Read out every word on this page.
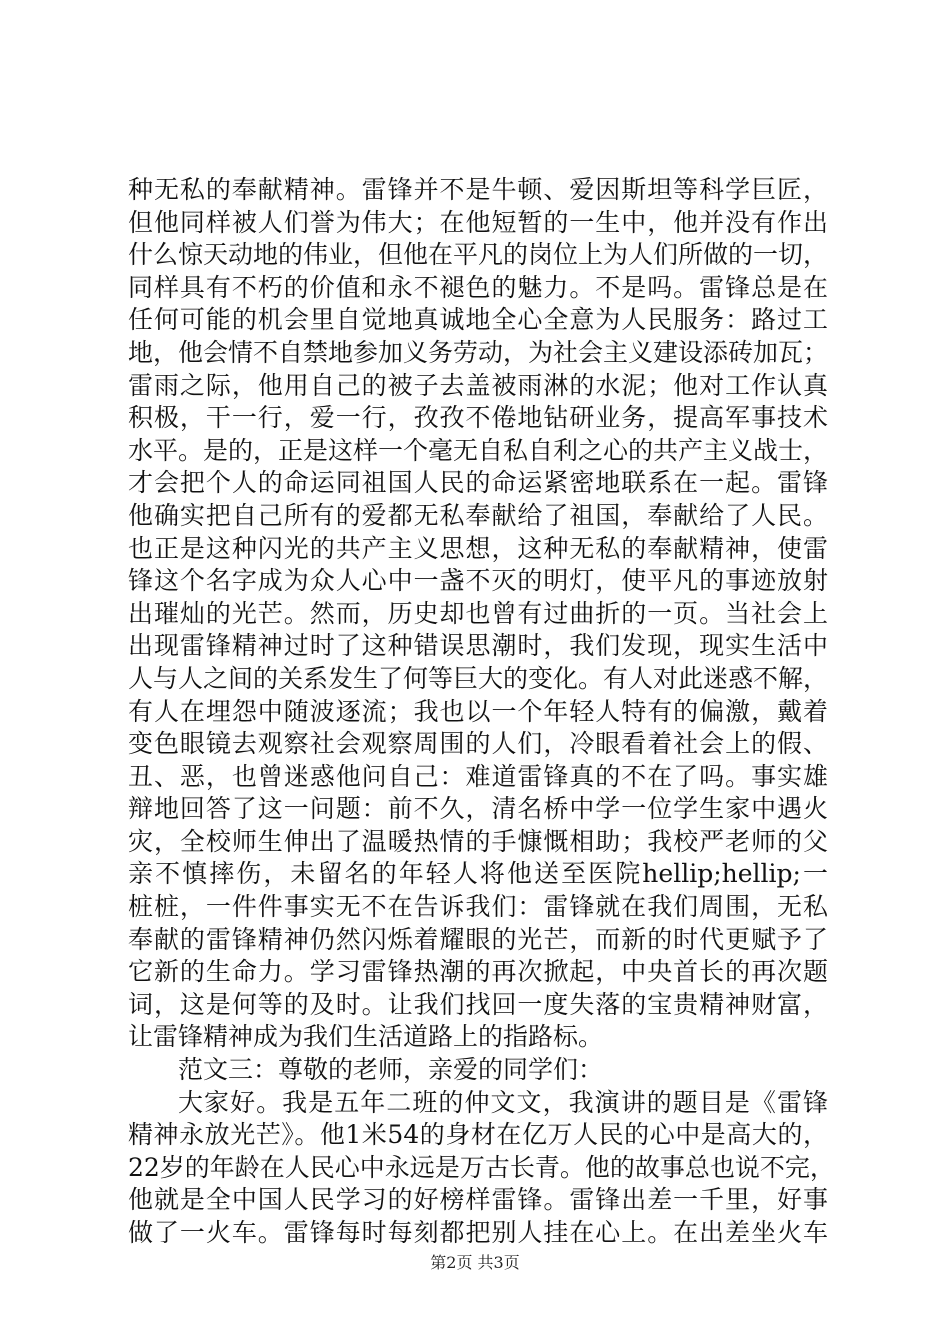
种无私的奉献精神。雷锋并不是牛顿、爱因斯坦等科学巨匠，
但他同样被人们誉为伟大；在他短暂的一生中，他并没有作出
什么惊天动地的伟业，但他在平凡的岗位上为人们所做的一切，
同样具有不朽的价值和永不褪色的魅力。不是吗。雷锋总是在
任何可能的机会里自觉地真诚地全心全意为人民服务：路过工
地，他会情不自禁地参加义务劳动，为社会主义建设添砖加瓦；
雷雨之际，他用自己的被子去盖被雨淋的水泥；他对工作认真
积极，干一行，爱一行，孜孜不倦地钻研业务，提高军事技术
水平。是的，正是这样一个毫无自私自利之心的共产主义战士，
才会把个人的命运同祖国人民的命运紧密地联系在一起。雷锋
他确实把自己所有的爱都无私奉献给了祖国，奉献给了人民。
也正是这种闪光的共产主义思想，这种无私的奉献精神，使雷
锋这个名字成为众人心中一盏不灭的明灯，使平凡的事迹放射
出璀灿的光芒。然而，历史却也曾有过曲折的一页。当社会上
出现雷锋精神过时了这种错误思潮时，我们发现，现实生活中
人与人之间的关系发生了何等巨大的变化。有人对此迷惑不解，
有人在埋怨中随波逐流；我也以一个年轻人特有的偏激，戴着
变色眼镜去观察社会观察周围的人们，冷眼看着社会上的假、
丑、恶，也曾迷惑他问自己：难道雷锋真的不在了吗。事实雄
辩地回答了这一问题：前不久，清名桥中学一位学生家中遇火
灾，全校师生伸出了温暖热情的手慷慨相助；我校严老师的父
亲不慎摔伤，未留名的年轻人将他送至医院hellip;hellip;一
桩桩，一件件事实无不在告诉我们：雷锋就在我们周围，无私
奉献的雷锋精神仍然闪烁着耀眼的光芒，而新的时代更赋予了
它新的生命力。学习雷锋热潮的再次掀起，中央首长的再次题
词，这是何等的及时。让我们找回一度失落的宝贵精神财富，
让雷锋精神成为我们生活道路上的指路标。
范文三：尊敬的老师，亲爱的同学们：
大家好。我是五年二班的仲文文，我演讲的题目是《雷锋
精神永放光芒》。他1米54的身材在亿万人民的心中是高大的，
22岁的年龄在人民心中永远是万古长青。他的故事总也说不完，
他就是全中国人民学习的好榜样雷锋。雷锋出差一千里，好事
做了一火车。雷锋每时每刻都把别人挂在心上。在出差坐火车
第2页 共3页
